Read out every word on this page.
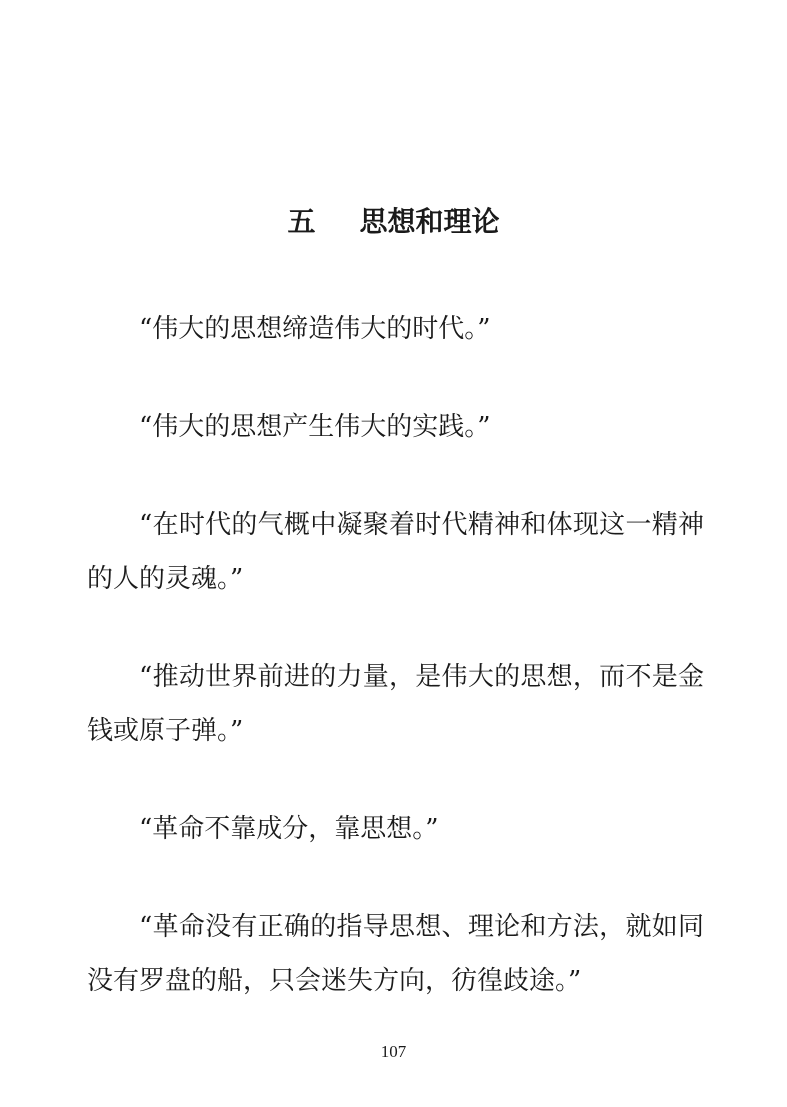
五 思想和理论

“伟大的思想缔造伟大的时代。”

“伟大的思想产生伟大的实践。”

“在时代的气概中凝聚着时代精神和体现这一精神的人的灵魂。”

“推动世界前进的力量，是伟大的思想，而不是金钱或原子弹。”

“革命不靠成分，靠思想。”

“革命没有正确的指导思想、理论和方法，就如同没有罗盘的船，只会迷失方向，彷徨歧途。”

107
